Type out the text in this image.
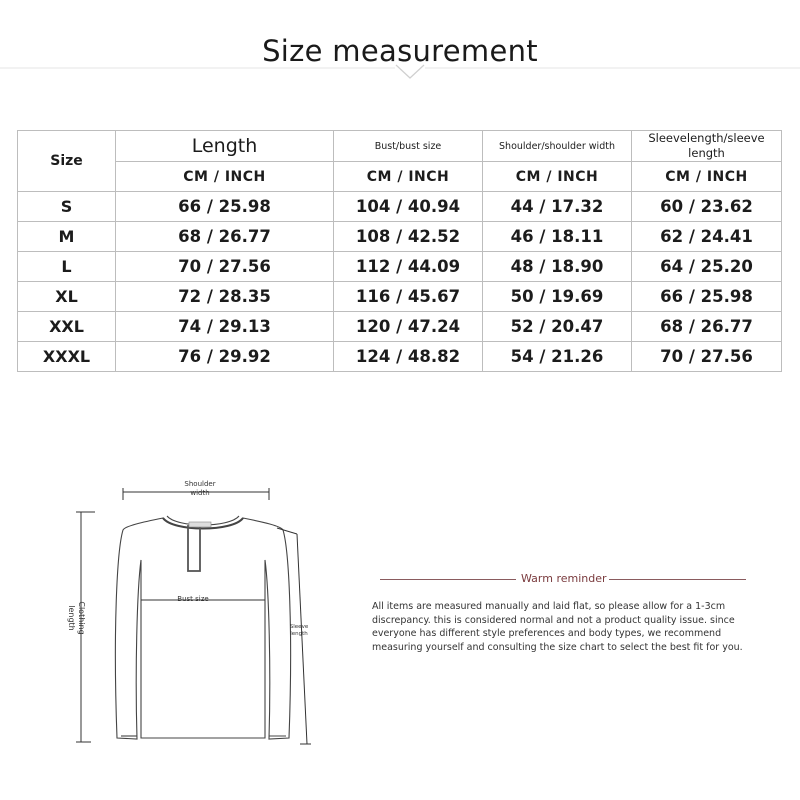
Size measurement
Size	Length	Bust/bust size	Shoulder/shoulder width	Sleevelength/sleeve length
	CM / INCH	CM / INCH	CM / INCH	CM / INCH
S	66 / 25.98	104 / 40.94	44 / 17.32	60 / 23.62
M	68 / 26.77	108 / 42.52	46 / 18.11	62 / 24.41
L	70 / 27.56	112 / 44.09	48 / 18.90	64 / 25.20
XL	72 / 28.35	116 / 45.67	50 / 19.69	66 / 25.98
XXL	74 / 29.13	120 / 47.24	52 / 20.47	68 / 26.77
XXXL	76 / 29.92	124 / 48.82	54 / 21.26	70 / 27.56
Shoulder
width
Bust size
Clothing
length	Sleeve
length
Warm reminder
All items are measured manually and laid flat, so please allow for a 1-3cm discrepancy. this is considered normal and not a product quality issue. since everyone has different style preferences and body types, we recommend measuring yourself and consulting the size chart to select the best fit for you.
